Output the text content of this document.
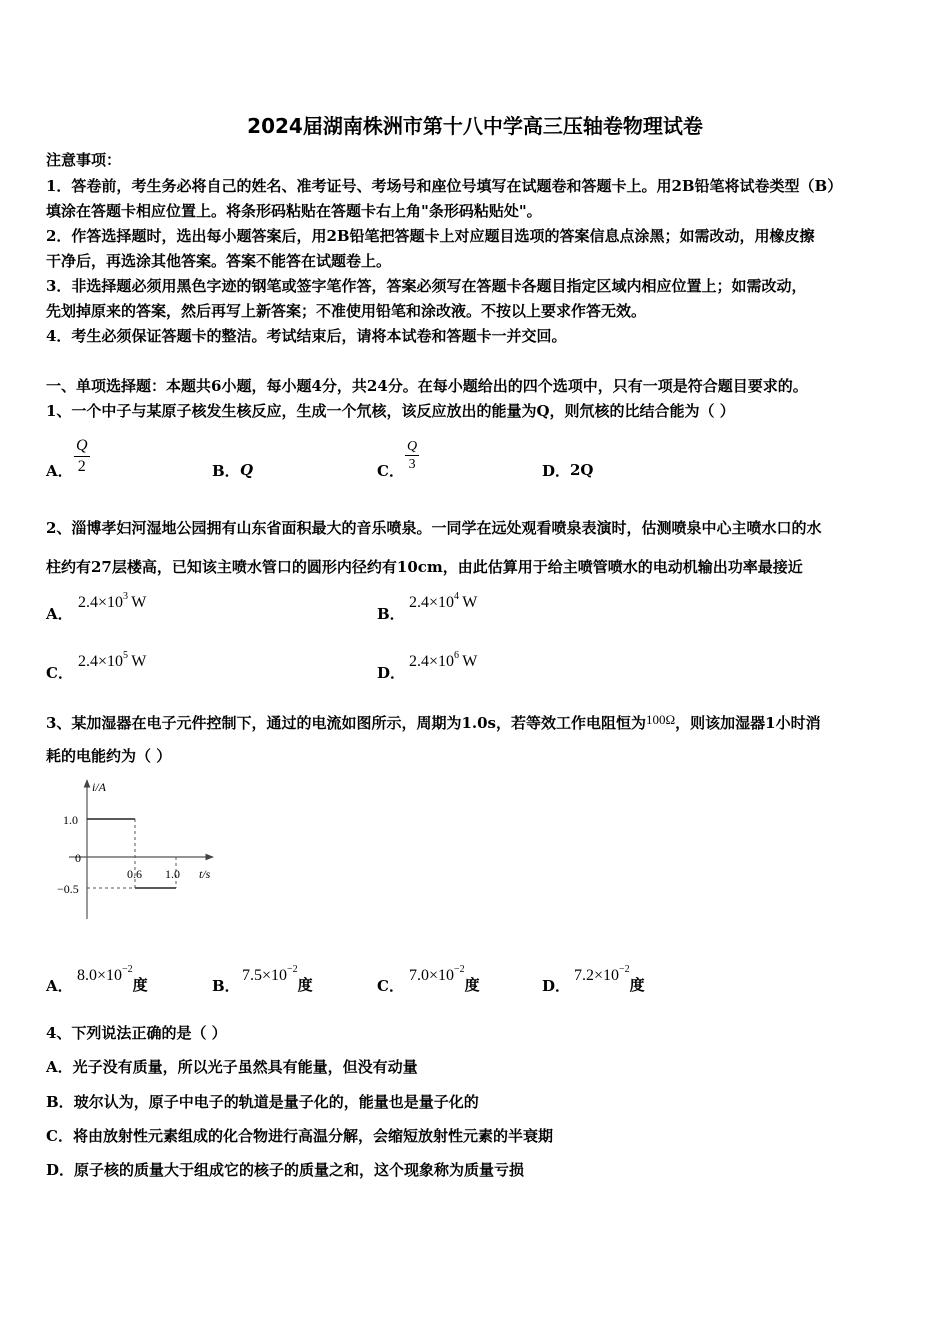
2024届湖南株洲市第十八中学高三压轴卷物理试卷
注意事项：
1．答卷前，考生务必将自己的姓名、准考证号、考场号和座位号填写在试题卷和答题卡上。用2B铅笔将试卷类型（B）
填涂在答题卡相应位置上。将条形码粘贴在答题卡右上角"条形码粘贴处"。
2．作答选择题时，选出每小题答案后，用2B铅笔把答题卡上对应题目选项的答案信息点涂黑；如需改动，用橡皮擦
干净后，再选涂其他答案。答案不能答在试题卷上。
3．非选择题必须用黑色字迹的钢笔或签字笔作答，答案必须写在答题卡各题目指定区域内相应位置上；如需改动，
先划掉原来的答案，然后再写上新答案；不准使用铅笔和涂改液。不按以上要求作答无效。
4．考生必须保证答题卡的整洁。考试结束后，请将本试卷和答题卡一并交回。
一、单项选择题：本题共6小题，每小题4分，共24分。在每小题给出的四个选项中，只有一项是符合题目要求的。
1、一个中子与某原子核发生核反应，生成一个氘核，该反应放出的能量为Q，则氘核的比结合能为（ ）
A． $\frac{Q}{2}$	B． Q	C． $\frac{Q}{3}$	D． 2Q
2、淄博孝妇河湿地公园拥有山东省面积最大的音乐喷泉。一同学在远处观看喷泉表演时，估测喷泉中心主喷水口的水
柱约有27层楼高，已知该主喷水管口的圆形内径约有10cm，由此估算用于给主喷管喷水的电动机输出功率最接近
A．
$2.4\times 10^3$  W
B．
$2.4\times 10^4$  W
C．
$2.4\times 10^5$  W
D．
$2.4\times 10^6$  W
3、某加湿器在电子元件控制下，通过的电流如图所示，周期为1.0s，若等效工作电阻恒为100Ω，则该加湿器1小时消
耗的电能约为（ ）
i/A
t/s
1.0
0
−0.5
0.6 1.0
A．
$8.0\times 10^{-2}$度	B．
$7.5\times 10^{-2}$度	C．
$7.0\times 10^{-2}$度	D．
$7.2\times 10^{-2}$度
4、下列说法正确的是（ ）
A．光子没有质量，所以光子虽然具有能量，但没有动量
B．玻尔认为，原子中电子的轨道是量子化的，能量也是量子化的
C．将由放射性元素组成的化合物进行高温分解，会缩短放射性元素的半衰期
D．原子核的质量大于组成它的核子的质量之和，这个现象称为质量亏损
